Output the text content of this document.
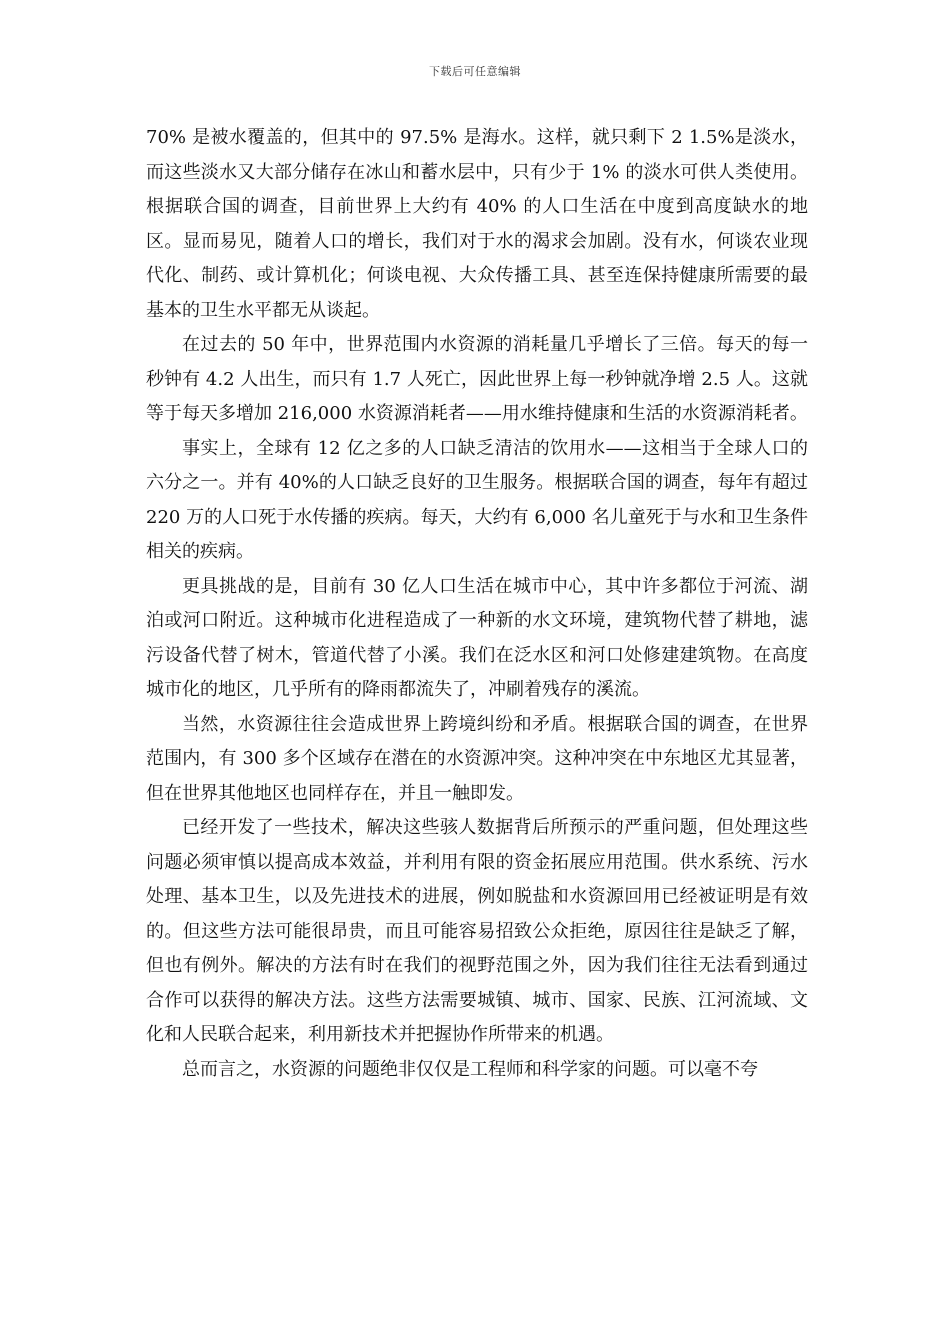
下载后可任意编辑

70% 是被水覆盖的，但其中的 97.5% 是海水。这样，就只剩下 2 1.5%是淡水，而这些淡水又大部分储存在冰山和蓄水层中，只有少于 1% 的淡水可供人类使用。根据联合国的调查，目前世界上大约有 40% 的人口生活在中度到高度缺水的地区。显而易见，随着人口的增长，我们对于水的渴求会加剧。没有水，何谈农业现代化、制药、或计算机化；何谈电视、大众传播工具、甚至连保持健康所需要的最基本的卫生水平都无从谈起。

在过去的 50 年中，世界范围内水资源的消耗量几乎增长了三倍。每天的每一秒钟有 4.2 人出生，而只有 1.7 人死亡，因此世界上每一秒钟就净增 2.5 人。这就等于每天多增加 216,000 水资源消耗者——用水维持健康和生活的水资源消耗者。

事实上，全球有 12 亿之多的人口缺乏清洁的饮用水——这相当于全球人口的六分之一。并有 40%的人口缺乏良好的卫生服务。根据联合国的调查，每年有超过 220 万的人口死于水传播的疾病。每天，大约有 6,000 名儿童死于与水和卫生条件相关的疾病。

更具挑战的是，目前有 30 亿人口生活在城市中心，其中许多都位于河流、湖泊或河口附近。这种城市化进程造成了一种新的水文环境，建筑物代替了耕地，滤污设备代替了树木，管道代替了小溪。我们在泛水区和河口处修建建筑物。在高度城市化的地区，几乎所有的降雨都流失了，冲刷着残存的溪流。

当然，水资源往往会造成世界上跨境纠纷和矛盾。根据联合国的调查，在世界范围内，有 300 多个区域存在潜在的水资源冲突。这种冲突在中东地区尤其显著，但在世界其他地区也同样存在，并且一触即发。

已经开发了一些技术，解决这些骇人数据背后所预示的严重问题，但处理这些问题必须审慎以提高成本效益，并利用有限的资金拓展应用范围。供水系统、污水处理、基本卫生，以及先进技术的进展，例如脱盐和水资源回用已经被证明是有效的。但这些方法可能很昂贵，而且可能容易招致公众拒绝，原因往往是缺乏了解，但也有例外。解决的方法有时在我们的视野范围之外，因为我们往往无法看到通过合作可以获得的解决方法。这些方法需要城镇、城市、国家、民族、江河流域、文化和人民联合起来，利用新技术并把握协作所带来的机遇。

总而言之，水资源的问题绝非仅仅是工程师和科学家的问题。可以毫不夸
